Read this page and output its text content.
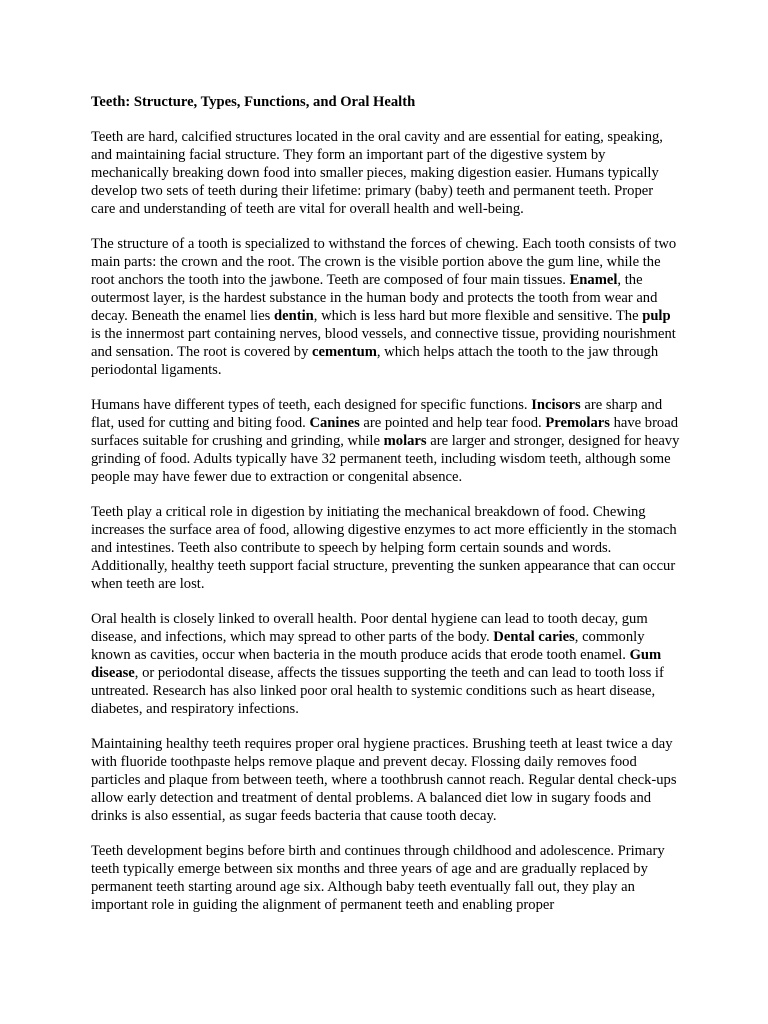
Teeth: Structure, Types, Functions, and Oral Health

Teeth are hard, calcified structures located in the oral cavity and are essential for eating, speaking, and maintaining facial structure. They form an important part of the digestive system by mechanically breaking down food into smaller pieces, making digestion easier. Humans typically develop two sets of teeth during their lifetime: primary (baby) teeth and permanent teeth. Proper care and understanding of teeth are vital for overall health and well-being.

The structure of a tooth is specialized to withstand the forces of chewing. Each tooth consists of two main parts: the crown and the root. The crown is the visible portion above the gum line, while the root anchors the tooth into the jawbone. Teeth are composed of four main tissues. Enamel, the outermost layer, is the hardest substance in the human body and protects the tooth from wear and decay. Beneath the enamel lies dentin, which is less hard but more flexible and sensitive. The pulp is the innermost part containing nerves, blood vessels, and connective tissue, providing nourishment and sensation. The root is covered by cementum, which helps attach the tooth to the jaw through periodontal ligaments.

Humans have different types of teeth, each designed for specific functions. Incisors are sharp and flat, used for cutting and biting food. Canines are pointed and help tear food. Premolars have broad surfaces suitable for crushing and grinding, while molars are larger and stronger, designed for heavy grinding of food. Adults typically have 32 permanent teeth, including wisdom teeth, although some people may have fewer due to extraction or congenital absence.

Teeth play a critical role in digestion by initiating the mechanical breakdown of food. Chewing increases the surface area of food, allowing digestive enzymes to act more efficiently in the stomach and intestines. Teeth also contribute to speech by helping form certain sounds and words. Additionally, healthy teeth support facial structure, preventing the sunken appearance that can occur when teeth are lost.

Oral health is closely linked to overall health. Poor dental hygiene can lead to tooth decay, gum disease, and infections, which may spread to other parts of the body. Dental caries, commonly known as cavities, occur when bacteria in the mouth produce acids that erode tooth enamel. Gum disease, or periodontal disease, affects the tissues supporting the teeth and can lead to tooth loss if untreated. Research has also linked poor oral health to systemic conditions such as heart disease, diabetes, and respiratory infections.

Maintaining healthy teeth requires proper oral hygiene practices. Brushing teeth at least twice a day with fluoride toothpaste helps remove plaque and prevent decay. Flossing daily removes food particles and plaque from between teeth, where a toothbrush cannot reach. Regular dental check-ups allow early detection and treatment of dental problems. A balanced diet low in sugary foods and drinks is also essential, as sugar feeds bacteria that cause tooth decay.

Teeth development begins before birth and continues through childhood and adolescence. Primary teeth typically emerge between six months and three years of age and are gradually replaced by permanent teeth starting around age six. Although baby teeth eventually fall out, they play an important role in guiding the alignment of permanent teeth and enabling proper
